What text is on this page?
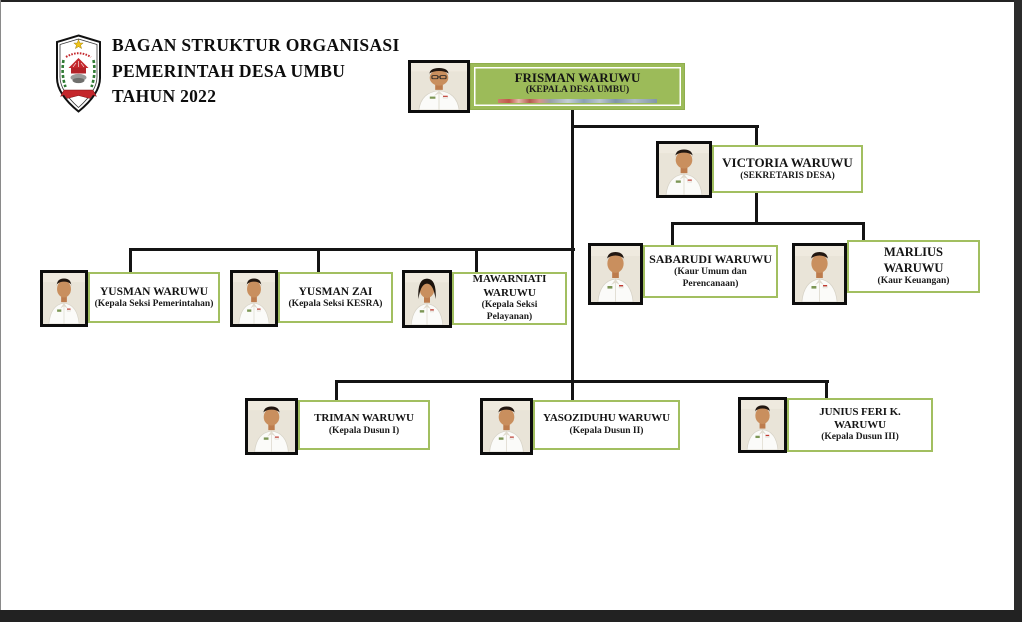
BAGAN STRUKTUR ORGANISASI
PEMERINTAH DESA UMBU
TAHUN 2022
FRISMAN WARUWU
(KEPALA DESA UMBU)
VICTORIA WARUWU
(SEKRETARIS DESA)
SABARUDI WARUWU
(Kaur Umum dan Perencanaan)
MARLIUS WARUWU
(Kaur Keuangan)
YUSMAN WARUWU
(Kepala Seksi Pemerintahan)
YUSMAN ZAI
(Kepala Seksi KESRA)
MAWARNIATI WARUWU
(Kepala Seksi Pelayanan)
TRIMAN WARUWU
(Kepala Dusun I)
YASOZIDUHU WARUWU
(Kepala Dusun II)
JUNIUS FERI K. WARUWU
(Kepala Dusun III)
